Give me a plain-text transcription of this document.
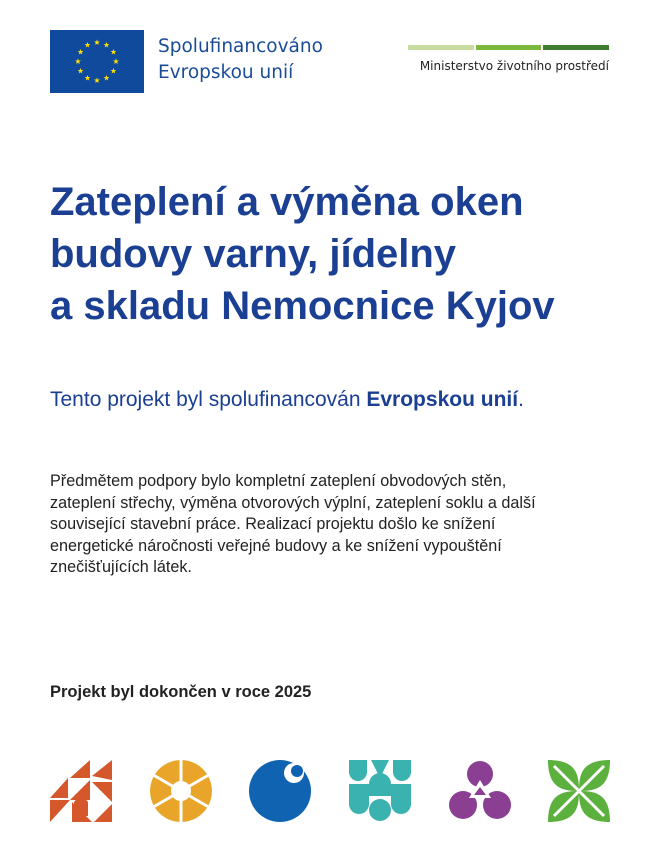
Spolufinancováno
Evropskou unií	Ministerstvo životního prostředí
Zateplení a výměna oken
budovy varny, jídelny
a skladu Nemocnice Kyjov

Tento projekt byl spolufinancován Evropskou unií.

Předmětem podpory bylo kompletní zateplení obvodových stěn,
zateplení střechy, výměna otvorových výplní, zateplení soklu a další
související stavební práce. Realizací projektu došlo ke snížení
energetické náročnosti veřejné budovy a ke snížení vypouštění
znečišťujících látek.

Projekt byl dokončen v roce 2025
